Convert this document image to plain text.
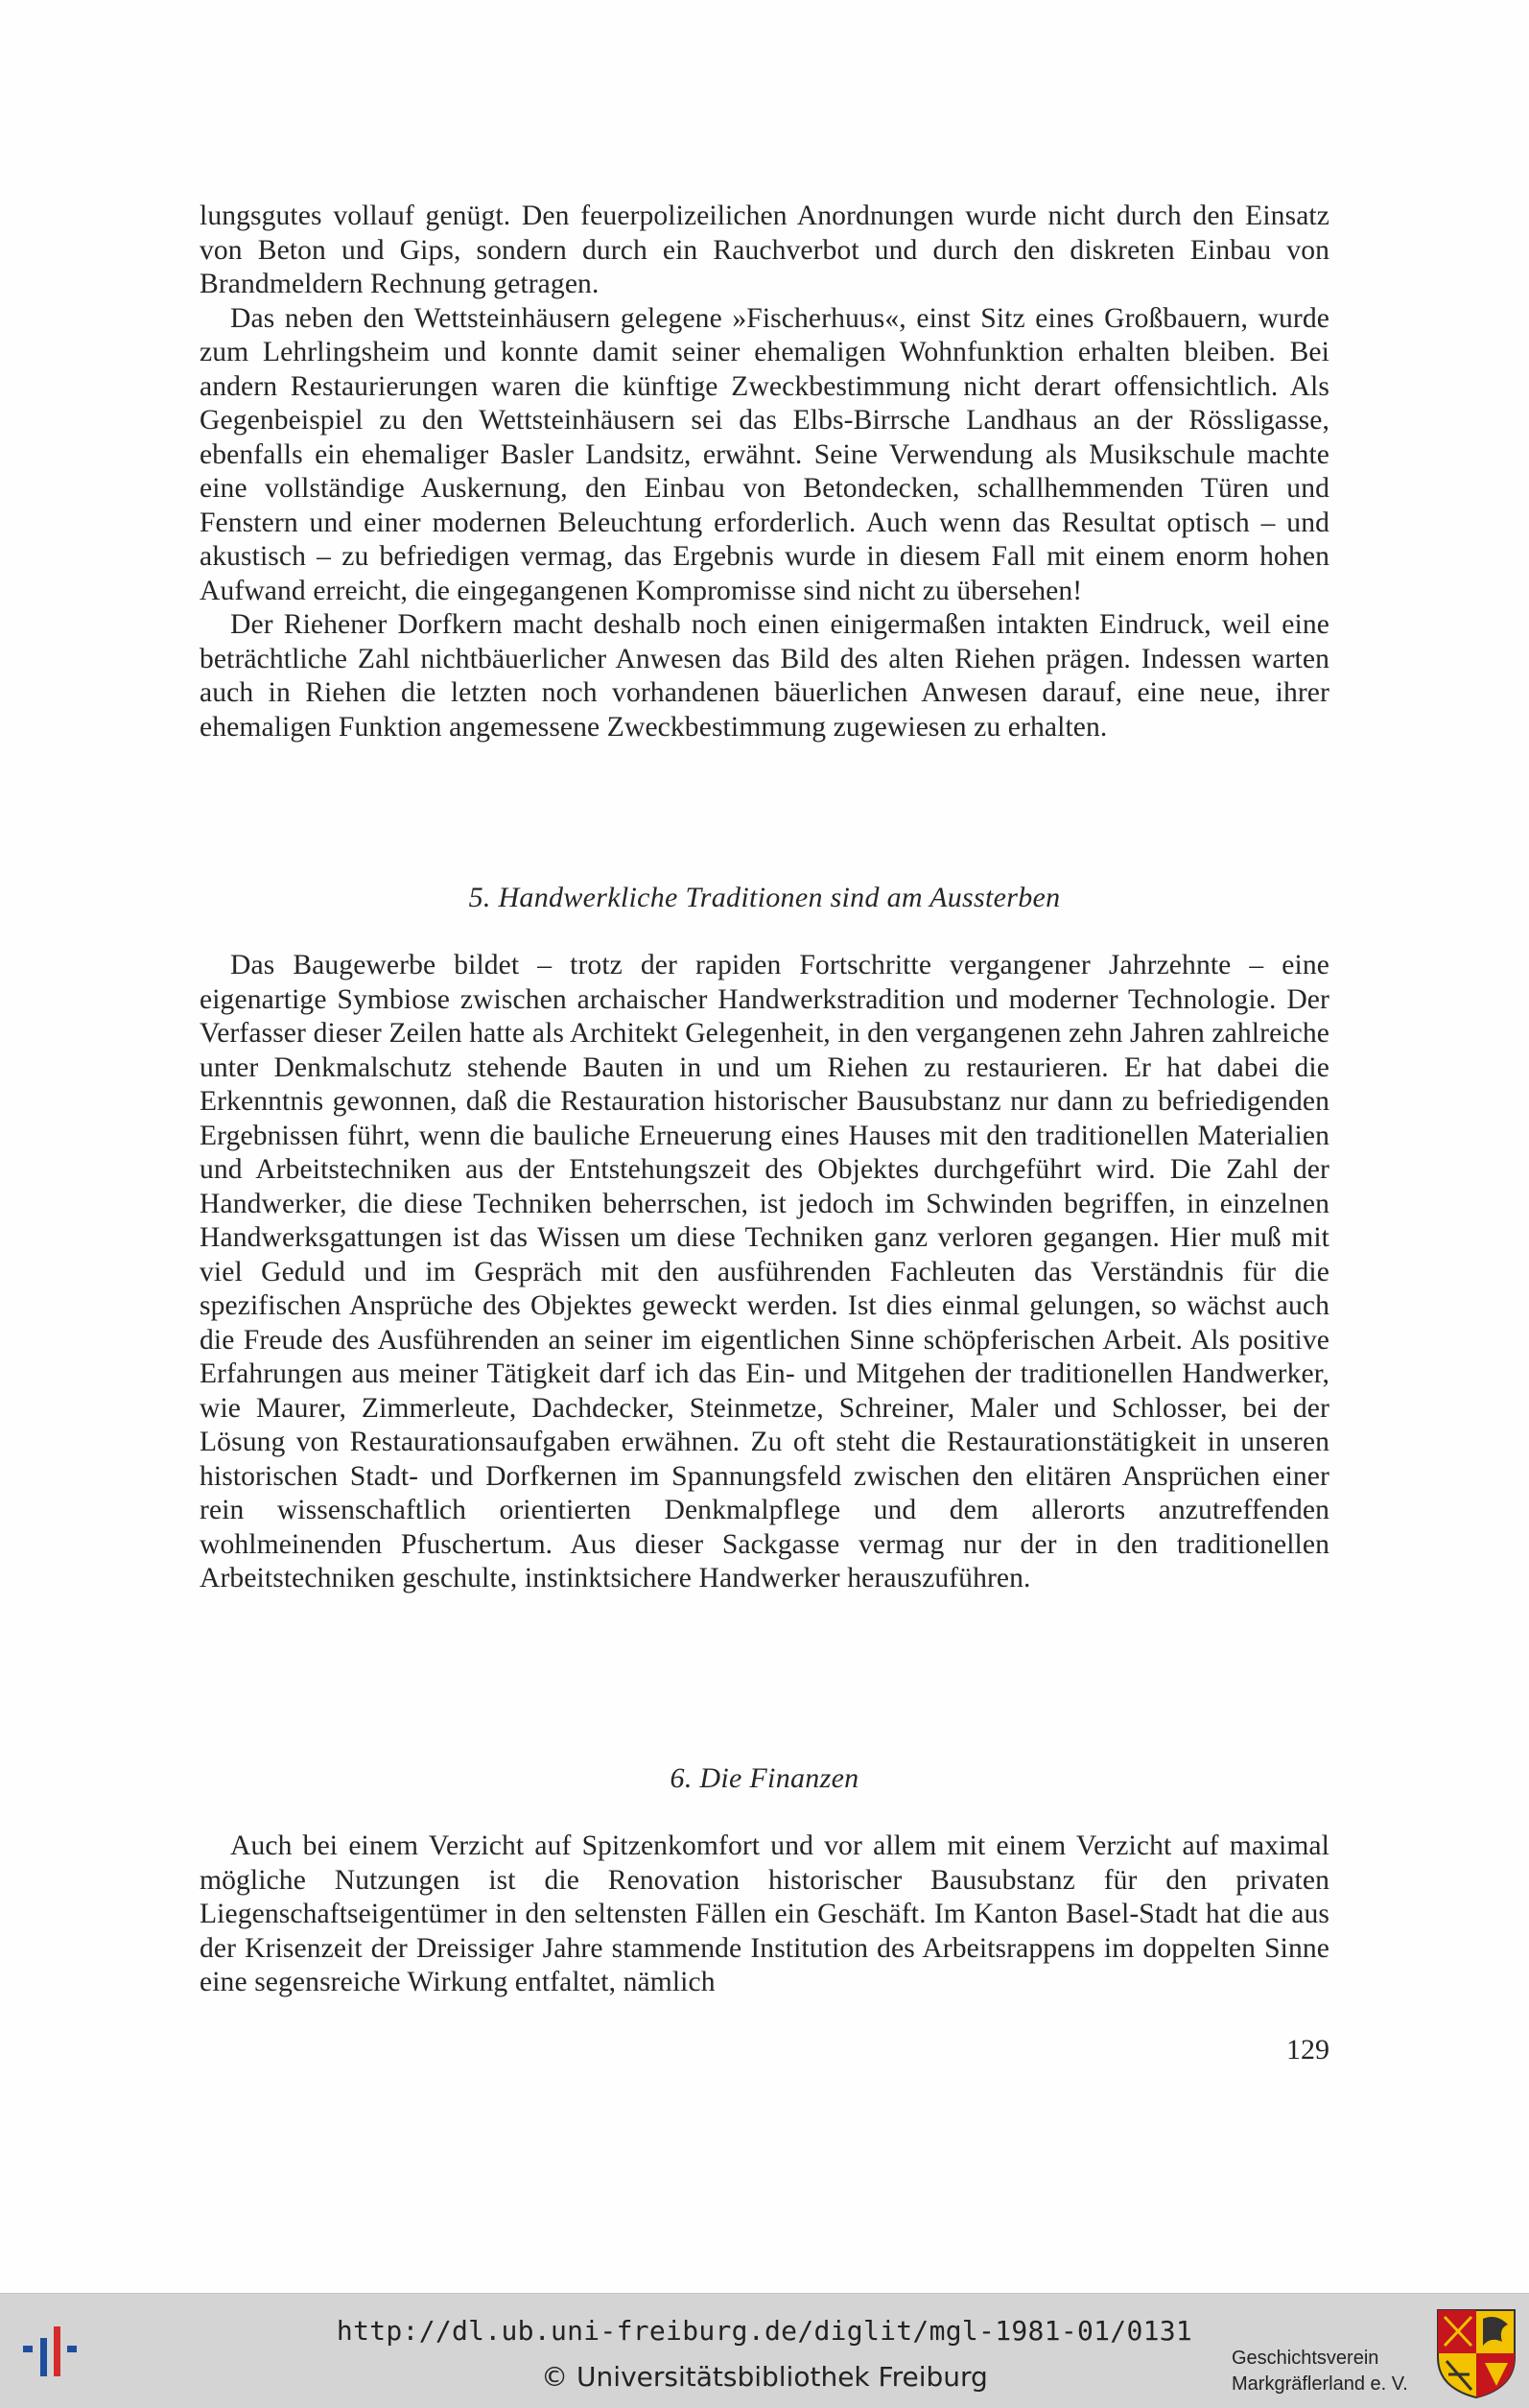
lungsgutes vollauf genügt. Den feuerpolizeilichen Anordnungen wurde nicht durch den Einsatz von Beton und Gips, sondern durch ein Rauchverbot und durch den diskreten Einbau von Brandmeldern Rechnung getragen.

Das neben den Wettsteinhäusern gelegene »Fischerhuus«, einst Sitz eines Großbauern, wurde zum Lehrlingsheim und konnte damit seiner ehemaligen Wohnfunktion erhalten bleiben. Bei andern Restaurierungen waren die künftige Zweckbestimmung nicht derart offensichtlich. Als Gegenbeispiel zu den Wettsteinhäusern sei das Elbs-Birrsche Landhaus an der Rössligasse, ebenfalls ein ehemaliger Basler Landsitz, erwähnt. Seine Verwendung als Musikschule machte eine vollständige Auskernung, den Einbau von Betondecken, schallhemmenden Türen und Fenstern und einer modernen Beleuchtung erforderlich. Auch wenn das Resultat optisch – und akustisch – zu befriedigen vermag, das Ergebnis wurde in diesem Fall mit einem enorm hohen Aufwand erreicht, die eingegangenen Kompromisse sind nicht zu übersehen!

Der Riehener Dorfkern macht deshalb noch einen einigermaßen intakten Eindruck, weil eine beträchtliche Zahl nichtbäuerlicher Anwesen das Bild des alten Riehen prägen. Indessen warten auch in Riehen die letzten noch vorhandenen bäuerlichen Anwesen darauf, eine neue, ihrer ehemaligen Funktion angemessene Zweckbestimmung zugewiesen zu erhalten.

5. Handwerkliche Traditionen sind am Aussterben

Das Baugewerbe bildet – trotz der rapiden Fortschritte vergangener Jahrzehnte – eine eigenartige Symbiose zwischen archaischer Handwerkstradition und moderner Technologie. Der Verfasser dieser Zeilen hatte als Architekt Gelegenheit, in den vergangenen zehn Jahren zahlreiche unter Denkmalschutz stehende Bauten in und um Riehen zu restaurieren. Er hat dabei die Erkenntnis gewonnen, daß die Restauration historischer Bausubstanz nur dann zu befriedigenden Ergebnissen führt, wenn die bauliche Erneuerung eines Hauses mit den traditionellen Materialien und Arbeitstechniken aus der Entstehungszeit des Objektes durchgeführt wird. Die Zahl der Handwerker, die diese Techniken beherrschen, ist jedoch im Schwinden begriffen, in einzelnen Handwerksgattungen ist das Wissen um diese Techniken ganz verloren gegangen. Hier muß mit viel Geduld und im Gespräch mit den ausführenden Fachleuten das Verständnis für die spezifischen Ansprüche des Objektes geweckt werden. Ist dies einmal gelungen, so wächst auch die Freude des Ausführenden an seiner im eigentlichen Sinne schöpferischen Arbeit. Als positive Erfahrungen aus meiner Tätigkeit darf ich das Ein- und Mitgehen der traditionellen Handwerker, wie Maurer, Zimmerleute, Dachdecker, Steinmetze, Schreiner, Maler und Schlosser, bei der Lösung von Restaurationsaufgaben erwähnen. Zu oft steht die Restaurationstätigkeit in unseren historischen Stadt- und Dorfkernen im Spannungsfeld zwischen den elitären Ansprüchen einer rein wissenschaftlich orientierten Denkmalpflege und dem allerorts anzutreffenden wohlmeinenden Pfuschertum. Aus dieser Sackgasse vermag nur der in den traditionellen Arbeitstechniken geschulte, instinktsichere Handwerker herauszuführen.

6. Die Finanzen

Auch bei einem Verzicht auf Spitzenkomfort und vor allem mit einem Verzicht auf maximal mögliche Nutzungen ist die Renovation historischer Bausubstanz für den privaten Liegenschaftseigentümer in den seltensten Fällen ein Geschäft. Im Kanton Basel-Stadt hat die aus der Krisenzeit der Dreissiger Jahre stammende Institution des Arbeitsrappens im doppelten Sinne eine segensreiche Wirkung entfaltet, nämlich

129
http://dl.ub.uni-freiburg.de/diglit/mgl-1981-01/0131
© Universitätsbibliothek Freiburg
Geschichtsverein
Markgräflerland e. V.
